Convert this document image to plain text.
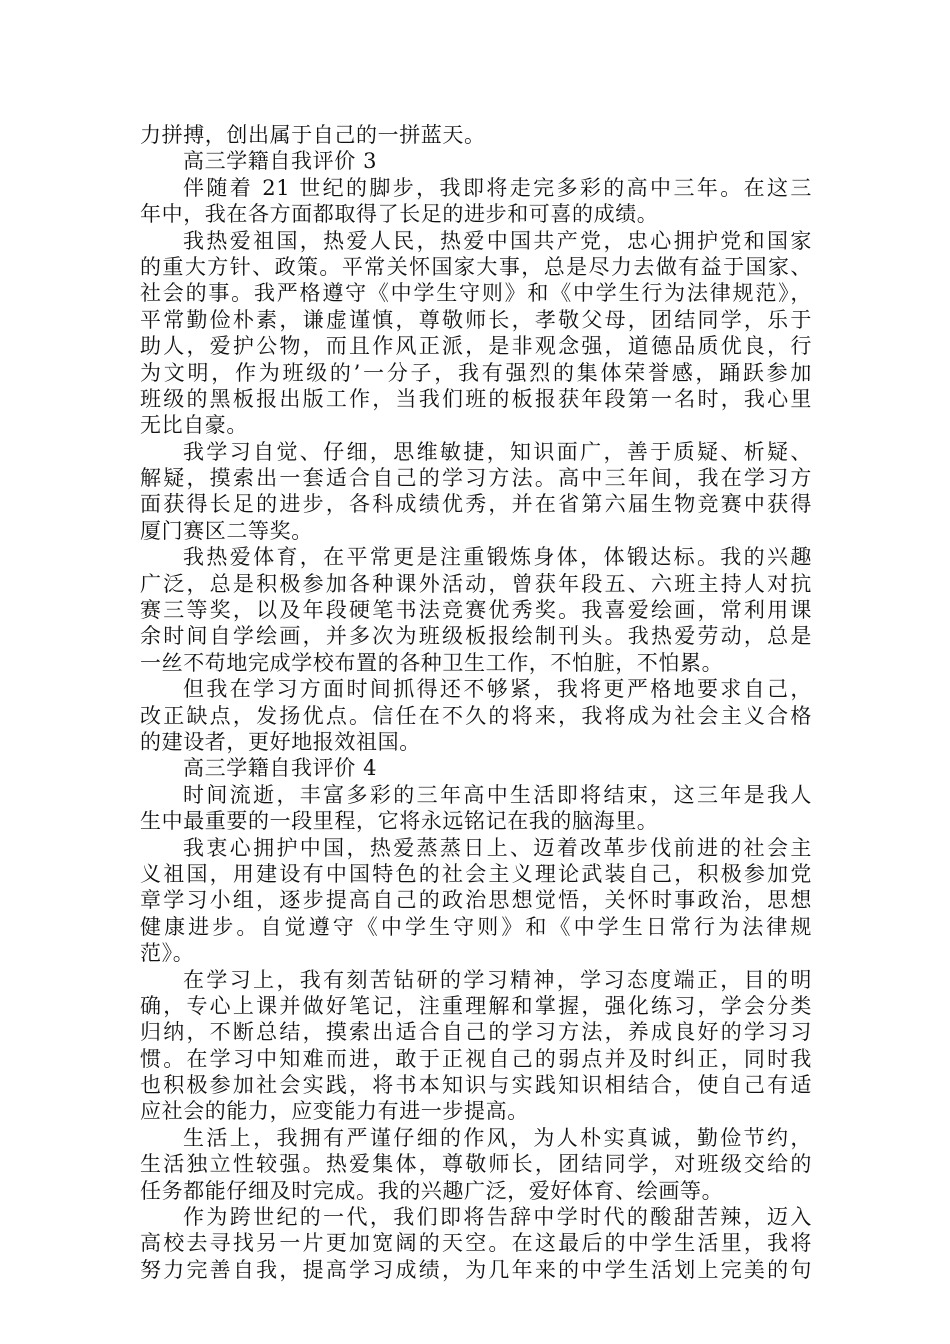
力拼搏，创出属于自己的一拼蓝天。
高三学籍自我评价 3
伴随着 21 世纪的脚步，我即将走完多彩的高中三年。在这三
年中，我在各方面都取得了长足的进步和可喜的成绩。
我热爱祖国，热爱人民，热爱中国共产党，忠心拥护党和国家
的重大方针、政策。平常关怀国家大事，总是尽力去做有益于国家、
社会的事。我严格遵守《中学生守则》和《中学生行为法律规范》，
平常勤俭朴素，谦虚谨慎，尊敬师长，孝敬父母，团结同学，乐于
助人，爱护公物，而且作风正派，是非观念强，道德品质优良，行
为文明，作为班级的’一分子，我有强烈的集体荣誉感，踊跃参加
班级的黑板报出版工作，当我们班的板报获年段第一名时，我心里
无比自豪。
我学习自觉、仔细，思维敏捷，知识面广，善于质疑、析疑、
解疑，摸索出一套适合自己的学习方法。高中三年间，我在学习方
面获得长足的进步，各科成绩优秀，并在省第六届生物竞赛中获得
厦门赛区二等奖。
我热爱体育，在平常更是注重锻炼身体，体锻达标。我的兴趣
广泛，总是积极参加各种课外活动，曾获年段五、六班主持人对抗
赛三等奖，以及年段硬笔书法竞赛优秀奖。我喜爱绘画，常利用课
余时间自学绘画，并多次为班级板报绘制刊头。我热爱劳动，总是
一丝不苟地完成学校布置的各种卫生工作，不怕脏，不怕累。
但我在学习方面时间抓得还不够紧，我将更严格地要求自己，
改正缺点，发扬优点。信任在不久的将来，我将成为社会主义合格
的建设者，更好地报效祖国。
高三学籍自我评价 4
时间流逝，丰富多彩的三年高中生活即将结束，这三年是我人
生中最重要的一段里程，它将永远铭记在我的脑海里。
我衷心拥护中国，热爱蒸蒸日上、迈着改革步伐前进的社会主
义祖国，用建设有中国特色的社会主义理论武装自己，积极参加党
章学习小组，逐步提高自己的政治思想觉悟，关怀时事政治，思想
健康进步。自觉遵守《中学生守则》和《中学生日常行为法律规
范》。
在学习上，我有刻苦钻研的学习精神，学习态度端正，目的明
确，专心上课并做好笔记，注重理解和掌握，强化练习，学会分类
归纳，不断总结，摸索出适合自己的学习方法，养成良好的学习习
惯。在学习中知难而进，敢于正视自己的弱点并及时纠正，同时我
也积极参加社会实践，将书本知识与实践知识相结合，使自己有适
应社会的能力，应变能力有进一步提高。
生活上，我拥有严谨仔细的作风，为人朴实真诚，勤俭节约，
生活独立性较强。热爱集体，尊敬师长，团结同学，对班级交给的
任务都能仔细及时完成。我的兴趣广泛，爱好体育、绘画等。
作为跨世纪的一代，我们即将告辞中学时代的酸甜苦辣，迈入
高校去寻找另一片更加宽阔的天空。在这最后的中学生活里，我将
努力完善自我，提高学习成绩，为几年来的中学生活划上完美的句
